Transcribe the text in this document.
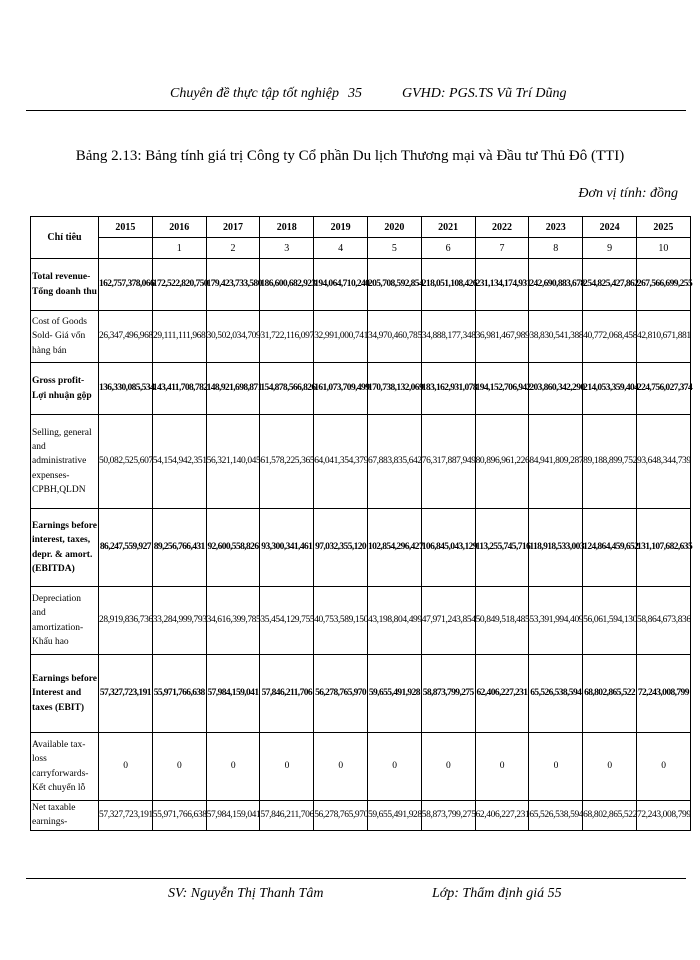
Chuyên đề thực tập tốt nghiệp 35	GVHD: PGS.TS Vũ Trí Dũng
Bảng 2.13: Bảng tính giá trị Công ty Cổ phần Du lịch Thương mại và Đầu tư Thủ Đô (TTI)
Đơn vị tính: đồng
Chỉ tiêu	2015	2016	2017	2018	2019	2020	2021	2022	2023	2024	2025
		1	2	3	4	5	6	7	8	9	10
Total revenue- Tổng doanh thu	162,757,378,066	172,522,820,750	179,423,733,580	186,600,682,923	194,064,710,240	205,708,592,854	218,051,108,426	231,134,174,931	242,690,883,678	254,825,427,862	267,566,699,255
Cost of Goods Sold- Giá vốn hàng bán	26,347,496,968	29,111,111,968	30,502,034,709	31,722,116,097	32,991,000,741	34,970,460,785	34,888,177,348	36,981,467,989	38,830,541,388	40,772,068,458	42,810,671,881
Gross profit- Lợi nhuận gộp	136,330,085,534	143,411,708,782	148,921,698,871	154,878,566,826	161,073,709,499	170,738,132,069	183,162,931,078	194,152,706,942	203,860,342,290	214,053,359,404	224,756,027,374
Selling, general and administrative expenses- CPBH,QLDN	50,082,525,607	54,154,942,351	56,321,140,045	61,578,225,365	64,041,354,379	67,883,835,642	76,317,887,949	80,896,961,226	84,941,809,287	89,188,899,752	93,648,344,739
Earnings before interest, taxes, depr. & amort. (EBITDA)	86,247,559,927	89,256,766,431	92,600,558,826	93,300,341,461	97,032,355,120	102,854,296,427	106,845,043,129	113,255,745,716	118,918,533,003	124,864,459,652	131,107,682,635
Depreciation and amortization- Khấu hao	28,919,836,736	33,284,999,793	34,616,399,785	35,454,129,755	40,753,589,150	43,198,804,499	47,971,243,854	50,849,518,485	53,391,994,409	56,061,594,130	58,864,673,836
Earnings before Interest and taxes (EBIT)	57,327,723,191	55,971,766,638	57,984,159,041	57,846,211,706	56,278,765,970	59,655,491,928	58,873,799,275	62,406,227,231	65,526,538,594	68,802,865,522	72,243,008,799
Available tax-loss carryforwards- Kết chuyển lỗ	0	0	0	0	0	0	0	0	0	0	0
Net taxable earnings-	57,327,723,191	55,971,766,638	57,984,159,041	57,846,211,706	56,278,765,970	59,655,491,928	58,873,799,275	62,406,227,231	65,526,538,594	68,802,865,522	72,243,008,799
SV: Nguyễn Thị Thanh Tâm	Lớp: Thẩm định giá 55
